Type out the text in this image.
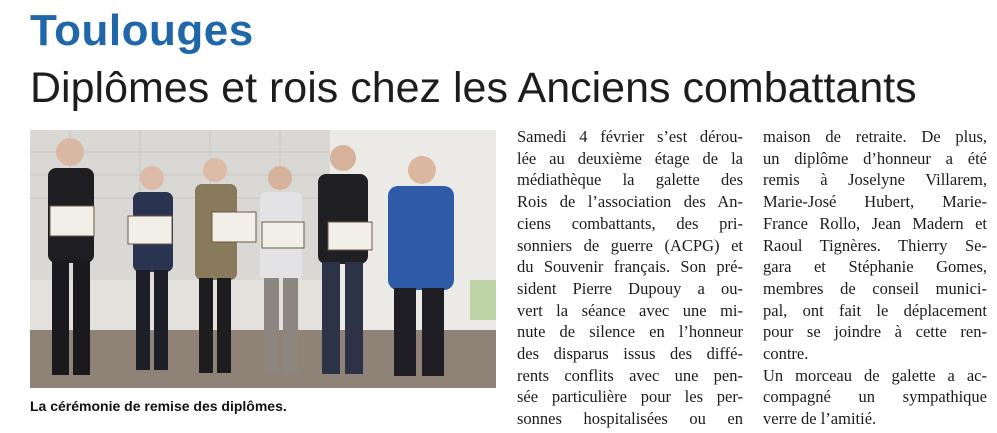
Toulouges
Diplômes et rois chez les Anciens combattants
La cérémonie de remise des diplômes.
Samedi 4 février s’est dérou-
lée au deuxième étage de la
médiathèque la galette des
Rois de l’association des An-
ciens combattants, des pri-
sonniers de guerre (ACPG) et
du Souvenir français. Son pré-
sident Pierre Dupouy a ou-
vert la séance avec une mi-
nute de silence en l’honneur
des disparus issus des diffé-
rents conflits avec une pen-
sée particulière pour les per-
sonnes hospitalisées ou en
maison de retraite. De plus,
un diplôme d’honneur a été
remis à Joselyne Villarem,
Marie-José Hubert, Marie-
France Rollo, Jean Madern et
Raoul Tignères. Thierry Se-
gara et Stéphanie Gomes,
membres de conseil munici-
pal, ont fait le déplacement
pour se joindre à cette ren-
contre.
Un morceau de galette a ac-
compagné un sympathique
verre de l’amitié.
